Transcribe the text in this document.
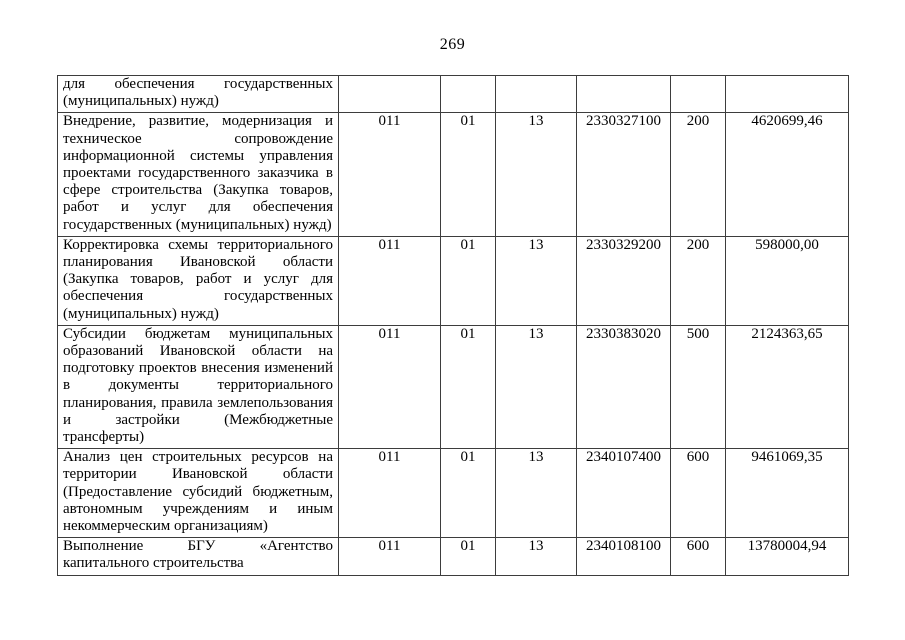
269
для обеспечения государственных (муниципальных) нужд)						
Внедрение, развитие, модернизация и техническое сопровождение информационной системы управления проектами государственного заказчика в сфере строительства (Закупка товаров, работ и услуг для обеспечения государственных (муниципальных) нужд)	011	01	13	2330327100	200	4620699,46
Корректировка схемы территориального планирования Ивановской области (Закупка товаров, работ и услуг для обеспечения государственных (муниципальных) нужд)	011	01	13	2330329200	200	598000,00
Субсидии бюджетам муниципальных образований Ивановской области на подготовку проектов внесения изменений в документы территориального планирования, правила землепользования и застройки (Межбюджетные трансферты)	011	01	13	2330383020	500	2124363,65
Анализ цен строительных ресурсов на территории Ивановской области (Предоставление субсидий бюджетным, автономным учреждениям и иным некоммерческим организациям)	011	01	13	2340107400	600	9461069,35
Выполнение БГУ «Агентство капитального строительства	011	01	13	2340108100	600	13780004,94
